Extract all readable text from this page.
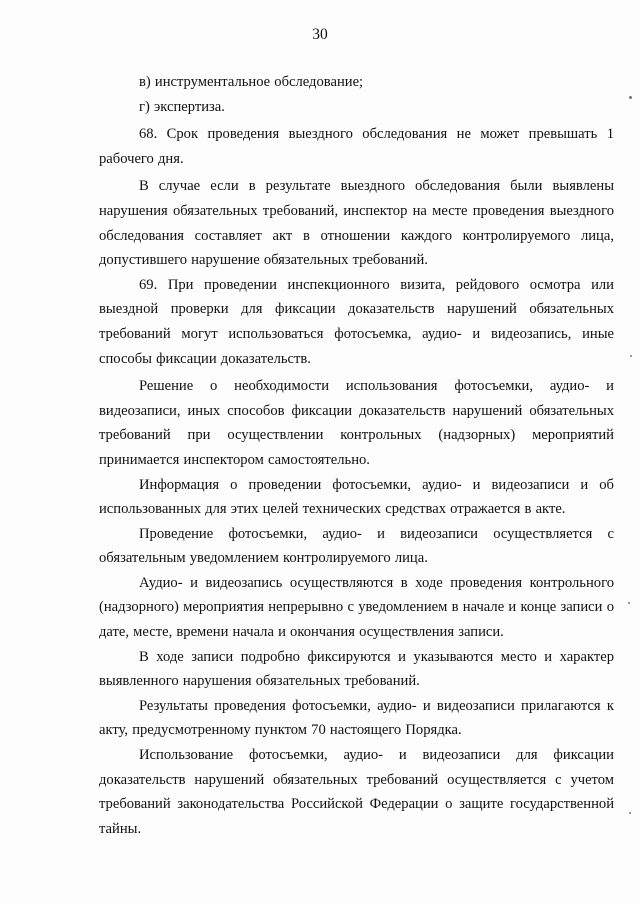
30

в) инструментальное обследование;

г) экспертиза.

68. Срок проведения выездного обследования не может превышать 1 рабочего дня.

В случае если в результате выездного обследования были выявлены нарушения обязательных требований, инспектор на месте проведения выездного обследования составляет акт в отношении каждого контролируемого лица, допустившего нарушение обязательных требований.

69. При проведении инспекционного визита, рейдового осмотра или выездной проверки для фиксации доказательств нарушений обязательных требований могут использоваться фотосъемка, аудио- и видеозапись, иные способы фиксации доказательств.

Решение о необходимости использования фотосъемки, аудио- и видеозаписи, иных способов фиксации доказательств нарушений обязательных требований при осуществлении контрольных (надзорных) мероприятий принимается инспектором самостоятельно.

Информация о проведении фотосъемки, аудио- и видеозаписи и об использованных для этих целей технических средствах отражается в акте.

Проведение фотосъемки, аудио- и видеозаписи осуществляется с обязательным уведомлением контролируемого лица.

Аудио- и видеозапись осуществляются в ходе проведения контрольного (надзорного) мероприятия непрерывно с уведомлением в начале и конце записи о дате, месте, времени начала и окончания осуществления записи.

В ходе записи подробно фиксируются и указываются место и характер выявленного нарушения обязательных требований.

Результаты проведения фотосъемки, аудио- и видеозаписи прилагаются к акту, предусмотренному пунктом 70 настоящего Порядка.

Использование фотосъемки, аудио- и видеозаписи для фиксации доказательств нарушений обязательных требований осуществляется с учетом требований законодательства Российской Федерации о защите государственной тайны.
